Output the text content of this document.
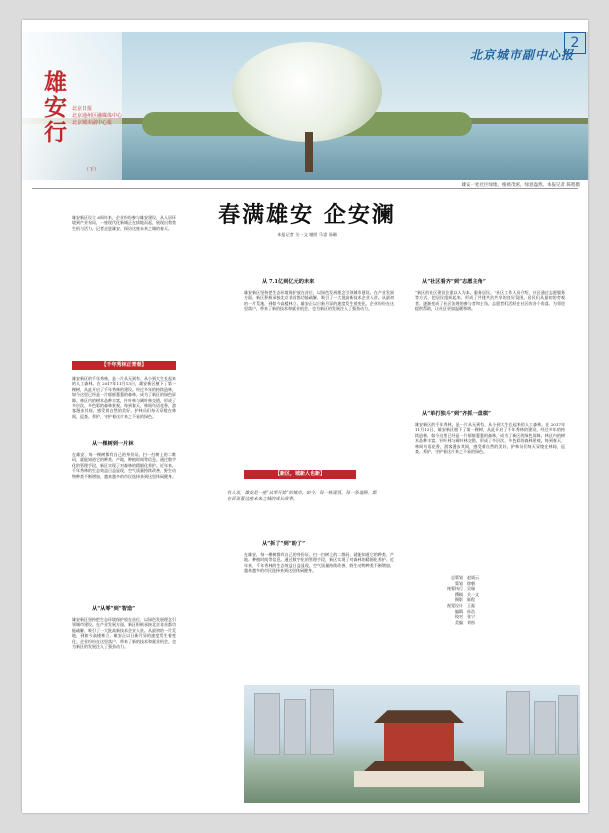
雄安行
北京日报
北京通州区融媒体中心
北京城市副中心报
（下）
北京城市副中心报
2
雄安一处社区绿地，植被茂密，绿意盎然。本报记者 陈程摄
雄安新区设立 6周年来，企业纷纷参与雄安建设，从人居环境到产业布局，一座现代化新城正在拔地而起，展现出勃勃生机与活力。记者走进雄安，探访这座未来之城的春天。
春满雄安 企安澜
本报记者 关一文 谢照 马睿 汤珊
【千年秀林正青春】
雄安新区的千年秀林，是一片从无到有、从小到大生长起来的人工森林。在 2017年11月13日，雄安新区植下了第一棵树，从此开启了千年秀林的建设。经过多年的持续造林，如今这里已经是一片郁郁葱葱的森林，成为了新区的绿色屏障。林区内的树木品种丰富，针叶林与阔叶林交错，形成了多层次、多色彩的森林景观。每到春天，林间鸟语花香，游客漫步其间，感受着自然的美好。护林员们每天穿梭在林间，巡查、养护，守护着这片来之不易的绿色。
从一棵树到一片林
在雄安，每一棵树都有自己的身份证。扫一扫树上的二维码，就能知道它的种类、产地、种植时间等信息。通过数字化的管理手段，新区实现了对森林的精细化养护。近年来，千年秀林的生态效益日益显现，空气质量持续改善，野生动物种类不断增加，越来越多的市民选择来到这里休闲健身。
从“从零”到“智造”
雄安新区坚持把生态环境保护放在首位，以绿色发展理念引领城市建设。在产业发展方面，新区积极承接北京非首都功能疏解，吸引了一大批高新技术企业入驻。从最初的一片荒地，到如今高楼林立，雄安正以日新月异的速度发生着变化。企业纷纷在这里落户，带来了新的技术和就业机会，也为新区的发展注入了强劲动力。
从 7.1亿到亿元的未来
雄安新区坚持把生态环境保护放在首位，以绿色发展理念引领城市建设。在产业发展方面，新区积极承接北京非首都功能疏解，吸引了一大批高新技术企业入驻。从最初的一片荒地，到如今高楼林立，雄安正以日新月异的速度发生着变化。企业纷纷在这里落户，带来了新的技术和就业机会，也为新区的发展注入了强劲动力。
【新区，城新人也新】
有人说，雄安是一座“从零开始”的城市。如今，每一栋建筑、每一条道路，都在诉说着这座未来之城的成长故事。
从“拆了”到“盼了”
在雄安，每一棵树都有自己的身份证。扫一扫树上的二维码，就能知道它的种类、产地、种植时间等信息。通过数字化的管理手段，新区实现了对森林的精细化养护。近年来，千年秀林的生态效益日益显现，空气质量持续改善，野生动物种类不断增加，越来越多的市民选择来到这里休闲健身。
从“社区看齐”到“志愿主角”
“新区的社区建设注重以人为本，服务居民。”社区工作人员介绍，社区通过志愿服务等方式，把居民组织起来，形成了共建共治共享的良好氛围。居民们从最初的旁观者，逐渐变成了社区治理的参与者和主角。志愿者们活跃在社区的各个角落，为邻里提供帮助，让社区更加温暖和谐。
从“单打独斗”到“齐抓一盘棋”
雄安新区的千年秀林，是一片从无到有、从小到大生长起来的人工森林。在 2017年11月13日，雄安新区植下了第一棵树，从此开启了千年秀林的建设。经过多年的持续造林，如今这里已经是一片郁郁葱葱的森林，成为了新区的绿色屏障。林区内的树木品种丰富，针叶林与阔叶林交错，形成了多层次、多色彩的森林景观。每到春天，林间鸟语花香，游客漫步其间，感受着自然的美好。护林员们每天穿梭在林间，巡查、养护，守护着这片来之不易的绿色。
总策划	赵靖云
策划	徐朝
统筹执行	吴瑞
撰稿	关一文
摄影	陈程
视觉设计	王磊
编辑	孙浩
校对	张宁
美编	刘彤
